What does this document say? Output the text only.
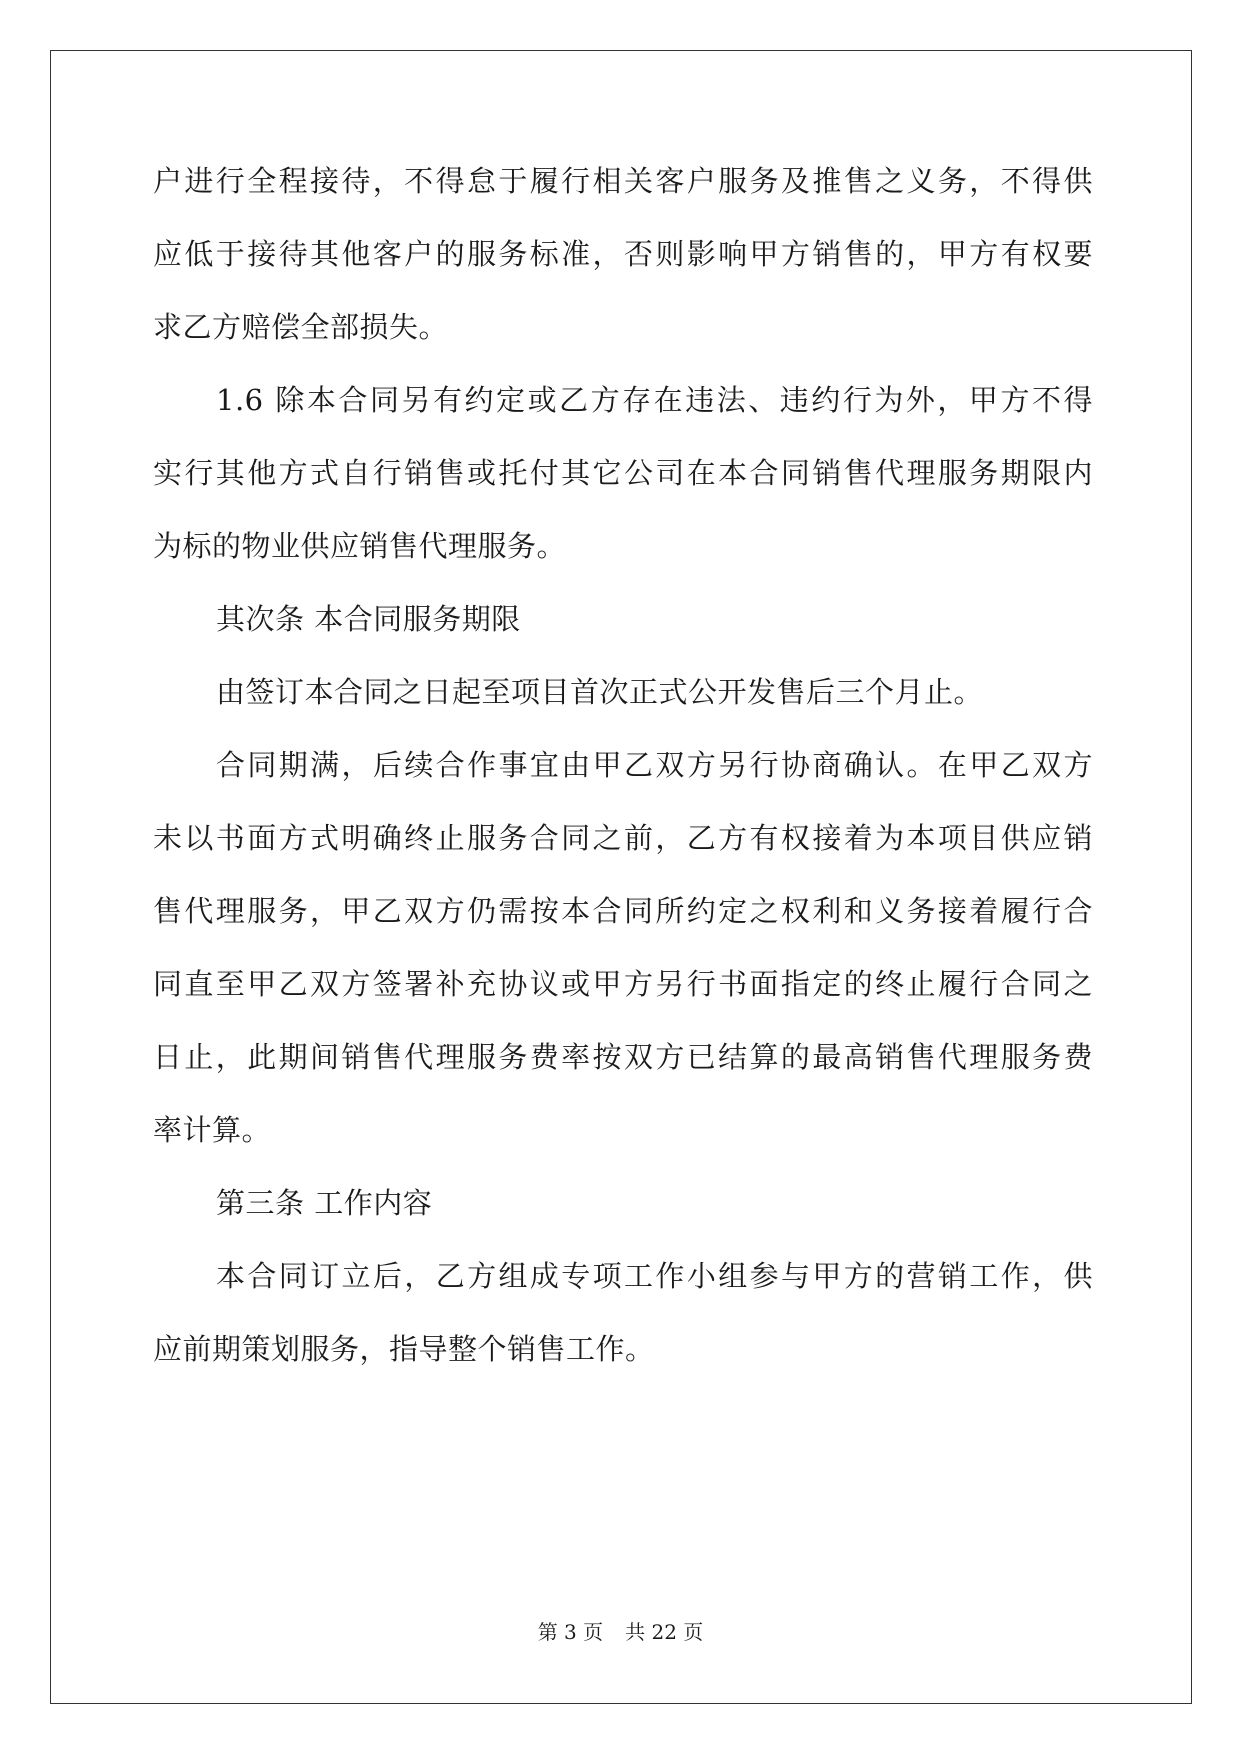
户进行全程接待，不得怠于履行相关客户服务及推售之义务，不得供
应低于接待其他客户的服务标准，否则影响甲方销售的，甲方有权要
求乙方赔偿全部损失。
1.6 除本合同另有约定或乙方存在违法、违约行为外，甲方不得
实行其他方式自行销售或托付其它公司在本合同销售代理服务期限内
为标的物业供应销售代理服务。
其次条 本合同服务期限
由签订本合同之日起至项目首次正式公开发售后三个月止。
合同期满，后续合作事宜由甲乙双方另行协商确认。在甲乙双方
未以书面方式明确终止服务合同之前，乙方有权接着为本项目供应销
售代理服务，甲乙双方仍需按本合同所约定之权利和义务接着履行合
同直至甲乙双方签署补充协议或甲方另行书面指定的终止履行合同之
日止，此期间销售代理服务费率按双方已结算的最高销售代理服务费
率计算。
第三条 工作内容
本合同订立后，乙方组成专项工作小组参与甲方的营销工作，供
应前期策划服务，指导整个销售工作。
第 3 页 共 22 页
